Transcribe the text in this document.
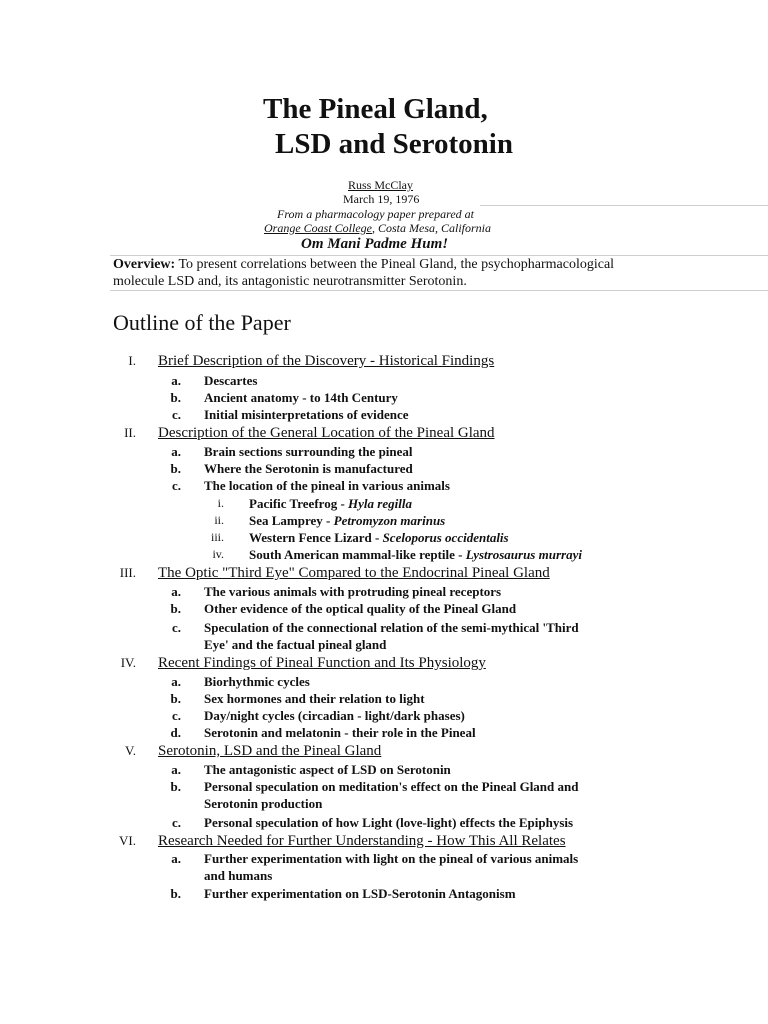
The Pineal Gland,
LSD and Serotonin
Russ McClay
March 19, 1976
From a pharmacology paper prepared at
Orange Coast College, Costa Mesa, California
Om Mani Padme Hum!
Overview: To present correlations between the Pineal Gland, the psychopharmacological molecule LSD and, its antagonistic neurotransmitter Serotonin.
Outline of the Paper
I. Brief Description of the Discovery - Historical Findings
a. Descartes
b. Ancient anatomy - to 14th Century
c. Initial misinterpretations of evidence
II. Description of the General Location of the Pineal Gland
a. Brain sections surrounding the pineal
b. Where the Serotonin is manufactured
c. The location of the pineal in various animals
i. Pacific Treefrog - Hyla regilla
ii. Sea Lamprey - Petromyzon marinus
iii. Western Fence Lizard - Sceloporus occidentalis
iv. South American mammal-like reptile - Lystrosaurus murrayi
III. The Optic "Third Eye" Compared to the Endocrinal Pineal Gland
a. The various animals with protruding pineal receptors
b. Other evidence of the optical quality of the Pineal Gland
c. Speculation of the connectional relation of the semi-mythical 'Third
Eye' and the factual pineal gland
IV. Recent Findings of Pineal Function and Its Physiology
a. Biorhythmic cycles
b. Sex hormones and their relation to light
c. Day/night cycles (circadian - light/dark phases)
d. Serotonin and melatonin - their role in the Pineal
V. Serotonin, LSD and the Pineal Gland
a. The antagonistic aspect of LSD on Serotonin
b. Personal speculation on meditation's effect on the Pineal Gland and
Serotonin production
c. Personal speculation of how Light (love-light) effects the Epiphysis
VI. Research Needed for Further Understanding - How This All Relates
a. Further experimentation with light on the pineal of various animals
and humans
b. Further experimentation on LSD-Serotonin Antagonism
